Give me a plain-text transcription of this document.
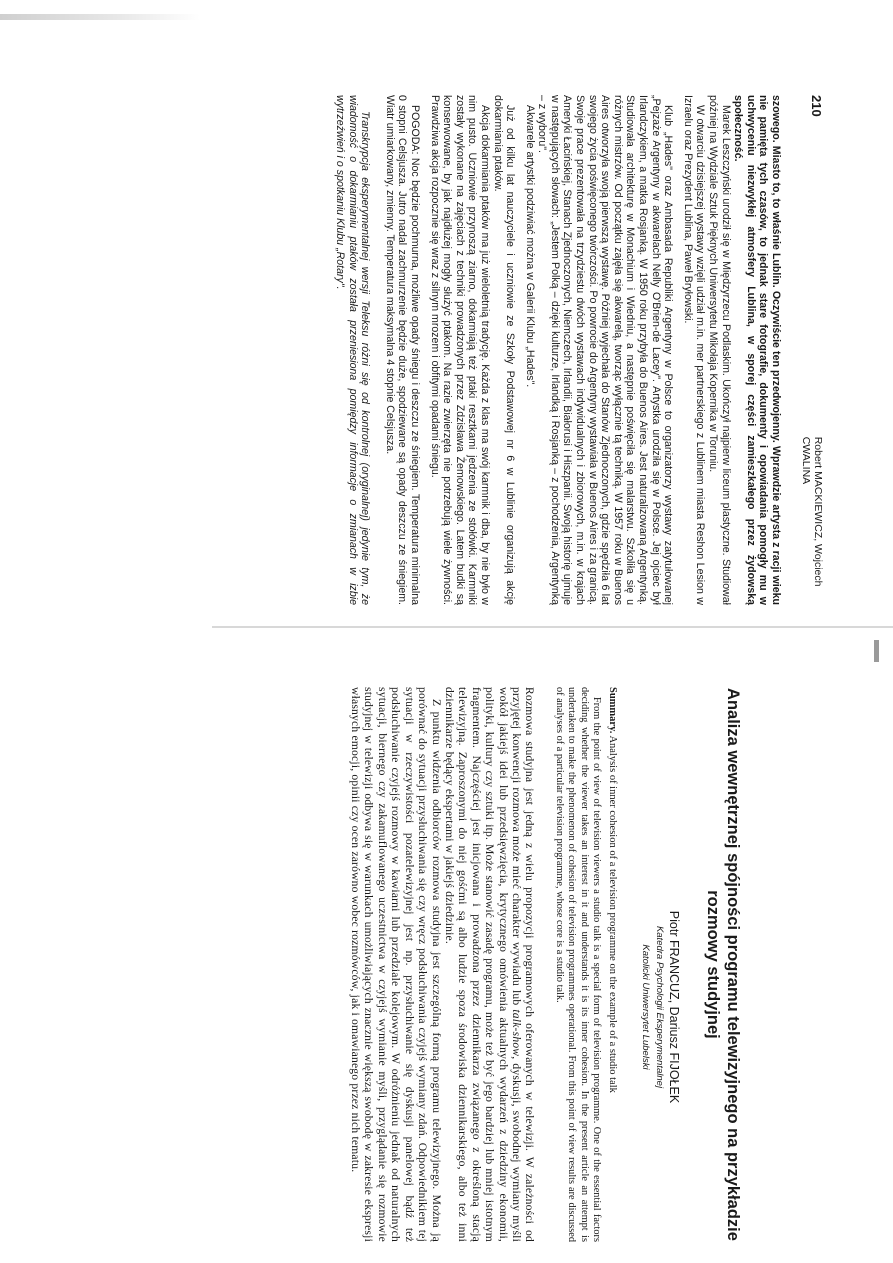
210
Robert MACKIEWICZ, Wojciech CWALINA

szowego. Miasto to, to właśnie Lublin. Oczywiście ten przedwojenny. Wprawdzie artysta z racji wieku nie pamięta tych czasów, to jednak stare fotografie, dokumenty i opowiadania pomogły mu w uchwyceniu niezwykłej atmosfery Lublina, w sporej części zamieszkałego przez żydowską społeczność.

Marek Leszczyński urodził się w Międzyrzecu Podlaskim. Ukończył najpierw liceum plastyczne. Studiował później na Wydziale Sztuk Pięknych Uniwersytetu Mikołaja Kopernika w Toruniu.

W otwarciu dzisiejszej wystawy wzięli udział m.in. mer partnerskiego z Lublinem miasta Reshon Lesion w Izraelu oraz Prezydent Lublina, Paweł Bryłowski.

Klub „Hades" oraz Ambasada Republiki Argentyny w Polsce to organizatorzy wystawy zatytułowanej „Pejzaże Argentyny w akwarelach Nelly O'Brien-de Lacey". Artystka urodziła się w Polsce. Jej ojciec był Irlandczykiem, a matka Rosjanką. W 1950 roku przybyła do Buenos Aires. Jest naturalizowaną Argentynką. Studiowała architekturę w Monachium i Wiedniu, a następnie poświęciła się malarstwu. Szkoliła się u różnych mistrzów. Od początku zajęła się akwarelą, tworząc wyłącznie tą techniką. W 1957 roku w Buenos Aires otworzyła swoją pierwszą wystawę. Później wyjechała do Stanów Zjednoczonych, gdzie spędziła 6 lat swojego życia poświęconego twórczości. Po powrocie do Argentyny wystawiała w Buenos Aires i za granicą. Swoje prace prezentowała na trzydziestu dwóch wystawach indywidualnych i zbiorowych, m.in. w krajach Ameryki Łacińskiej, Stanach Zjednoczonych, Niemczech, Irlandii, Białorusi i Hiszpanii. Swoją historię ujmuje w następujących słowach: „Jestem Polką – dzięki kulturze, Irlandką i Rosjanką – z pochodzenia, Argentynką – z wyboru".

Akwarele artystki podziwiać można w Galerii Klubu „Hades".

Już od kilku lat nauczyciele i uczniowie ze Szkoły Podstawowej nr 6 w Lublinie organizują akcję dokarmiania ptaków.

Akcja dokarmiania ptaków ma już wieloletnią tradycję. Każda z klas ma swój karmnik i dba, by nie było w nim pusto. Uczniowie przynoszą ziarno, dokarmiają też ptaki resztkami jedzenia ze stołówki. Karmniki zostały wykonane na zajęciach z techniki prowadzonych przez Zdzisława Żemowskiego. Latem budki są konserwowane, by jak najdłużej mogły służyć ptakom. Na razie zwierzęta nie potrzebują wiele żywności. Prawdziwa akcja rozpocznie się wraz z silnym mrozem i obfitymi opadami śniegu.

POGODA: Noc będzie pochmurna, możliwe opady śniegu i deszczu ze śniegiem. Temperatura minimalna 0 stopni Celsjusza. Jutro nadal zachmurzenie będzie duże, spodziewane są opady deszczu ze śniegiem. Wiatr umiarkowany, zmienny. Temperatura maksymalna 4 stopnie Celsjusza.

Transkrypcja eksperymentalnej wersji Teleksu różni się od kontrolnej (oryginalnej) jedynie tym, że wiadomość o dokarmianiu ptaków została przeniesiona pomiędzy informacje o zmianach w izbie wytrzeźwień i o spotkaniu Klubu „Rotary".

Analiza wewnętrznej spójności programu telewizyjnego na przykładzie rozmowy studyjnej

Piotr FRANCUZ, Dariusz FIJOŁEK

Katedra Psychologii Eksperymentalnej

Katolicki Uniwersytet Lubelski

Summary. Analysis of inner cohesion of a television programme on the example of a studio talk

From the point of view of television viewers a studio talk is a special form of television programme. One of the essential factors deciding whether the viewer takes an interest in it and understands it is its inner cohesion. In the present article an attempt is undertaken to make the phenomenon of cohesion of television programmes operational. From this point of view results are discussed of analyses of a particular television programme, whose core is a studio talk.

Rozmowa studyjna jest jedną z wielu propozycji programowych oferowanych w telewizji. W zależności od przyjętej konwencji rozmowa może mieć charakter wywiadu lub talk-show, dyskusji, swobodnej wymiany myśli wokół jakiejś idei lub przedsięwzięcia, krytycznego omówienia aktualnych wydarzeń z dziedziny ekonomii, polityki, kultury czy sztuki itp. Może stanowić zasadę programu, może też być jego bardziej lub mniej istotnym fragmentem. Najczęściej jest inicjowana i prowadzona przez dziennikarza związanego z określoną stacją telewizyjną. Zaproszonymi do niej gośćmi są albo ludzie spoza środowiska dziennikarskiego, albo też inni dziennikarze będący ekspertami w jakiejś dziedzinie.

Z punktu widzenia odbiorców rozmowa studyjna jest szczególną formą programu telewizyjnego. Można ją porównać do sytuacji przysłuchiwania się czy wręcz podsłuchiwania czyjejś wymiany zdań. Odpowiednikiem tej sytuacji w rzeczywistości pozatelewizyjnej jest np. przysłuchiwanie się dyskusji panelowej bądź też podsłuchiwanie czyjejś rozmowy w kawiarni lub przedziale kolejowym. W odróżnieniu jednak od naturalnych sytuacji, biernego czy zakamuflowanego uczestnictwa w czyjejś wymianie myśli, przyglądanie się rozmowie studyjnej w telewizji odbywa się w warunkach umożliwiających znacznie większą swobodę w zakresie ekspresji własnych emocji, opinii czy ocen zarówno wobec rozmówców, jak i omawianego przez nich tematu.
